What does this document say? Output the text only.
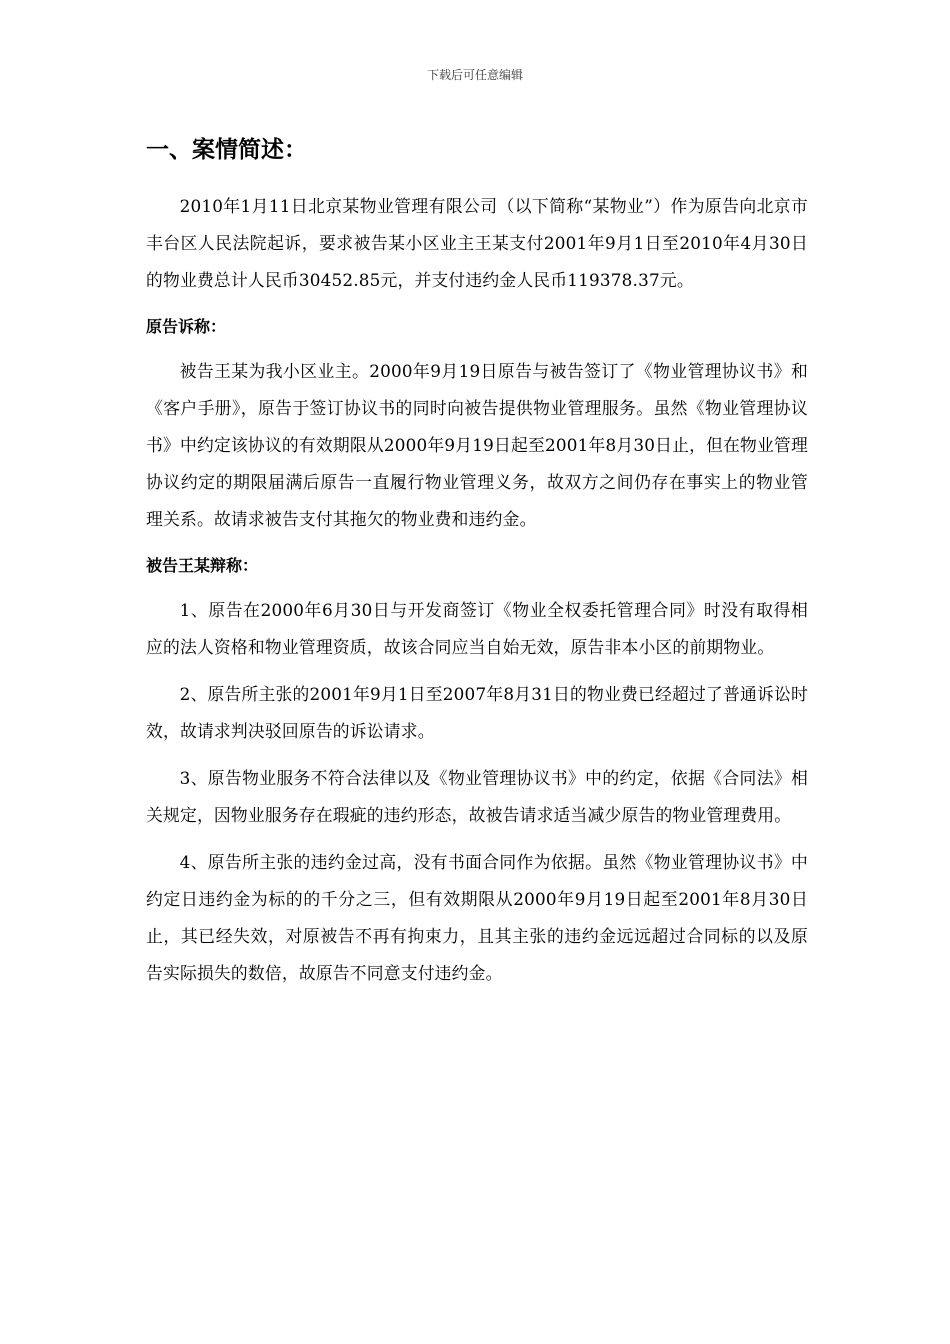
下载后可任意编辑
一、案情简述：

2010年1月11日北京某物业管理有限公司（以下简称“某物业”）作为原告向北京市丰台区人民法院起诉，要求被告某小区业主王某支付2001年9月1日至2010年4月30日的物业费总计人民币30452.85元，并支付违约金人民币119378.37元。

原告诉称：

被告王某为我小区业主。2000年9月19日原告与被告签订了《物业管理协议书》和《客户手册》，原告于签订协议书的同时向被告提供物业管理服务。虽然《物业管理协议书》中约定该协议的有效期限从2000年9月19日起至2001年8月30日止，但在物业管理协议约定的期限届满后原告一直履行物业管理义务，故双方之间仍存在事实上的物业管理关系。故请求被告支付其拖欠的物业费和违约金。

被告王某辩称：

1、原告在2000年6月30日与开发商签订《物业全权委托管理合同》时没有取得相应的法人资格和物业管理资质，故该合同应当自始无效，原告非本小区的前期物业。

2、原告所主张的2001年9月1日至2007年8月31日的物业费已经超过了普通诉讼时效，故请求判决驳回原告的诉讼请求。

3、原告物业服务不符合法律以及《物业管理协议书》中的约定，依据《合同法》相关规定，因物业服务存在瑕疵的违约形态，故被告请求适当减少原告的物业管理费用。

4、原告所主张的违约金过高，没有书面合同作为依据。虽然《物业管理协议书》中约定日违约金为标的的千分之三，但有效期限从2000年9月19日起至2001年8月30日止，其已经失效，对原被告不再有拘束力，且其主张的违约金远远超过合同标的以及原告实际损失的数倍，故原告不同意支付违约金。
